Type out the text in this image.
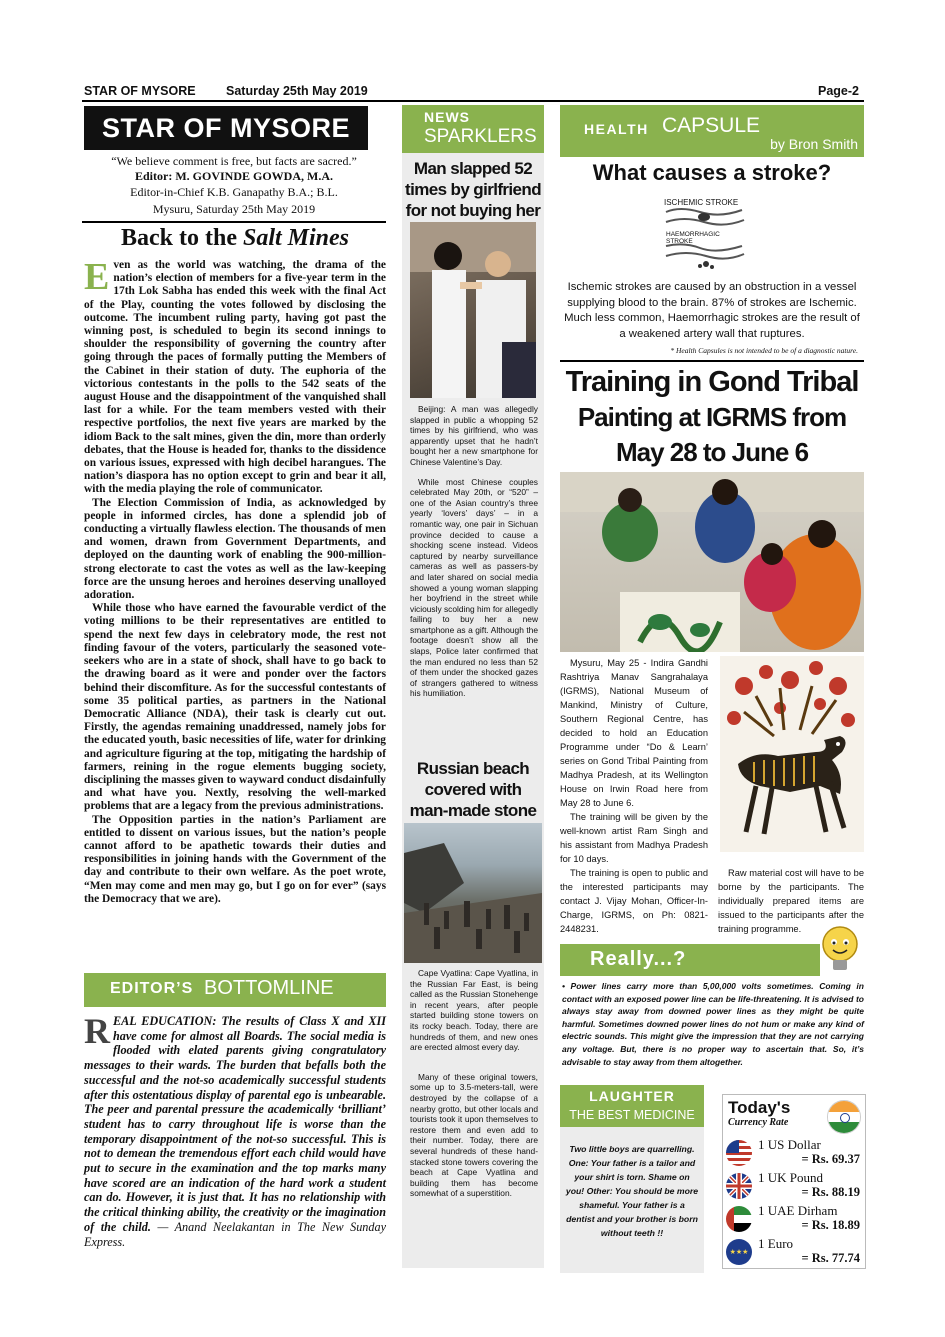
STAR OF MYSORE Saturday 25th May 2019	Page-2
STAR OF MYSORE
“We believe comment is free, but facts are sacred.”
Editor: M. GOVINDE GOWDA, M.A.
Editor-in-Chief K.B. Ganapathy B.A.; B.L.
Mysuru, Saturday 25th May 2019
Back to the Salt Mines

Even as the world was watching, the drama of the nation’s election of members for a five-year term in the 17th Lok Sabha has ended this week with the final Act of the Play, counting the votes followed by disclosing the outcome. The incumbent ruling party, having got past the winning post, is scheduled to begin its second innings to shoulder the responsibility of governing the country after going through the paces of formally putting the Members of the Cabinet in their station of duty. The euphoria of the victorious contestants in the polls to the 542 seats of the august House and the disappointment of the vanquished shall last for a while. For the team members vested with their respective portfolios, the next five years are marked by the idiom Back to the salt mines, given the din, more than orderly debates, that the House is headed for, thanks to the dissidence on various issues, expressed with high decibel harangues. The nation’s diaspora has no option except to grin and bear it all, with the media playing the role of communicator.

The Election Commission of India, as acknowledged by people in informed circles, has done a splendid job of conducting a virtually flawless election. The thousands of men and women, drawn from Government Departments, and deployed on the daunting work of enabling the 900-million-strong electorate to cast the votes as well as the law-keeping force are the unsung heroes and heroines deserving unalloyed adoration.

While those who have earned the favourable verdict of the voting millions to be their representatives are entitled to spend the next few days in celebratory mode, the rest not finding favour of the voters, particularly the seasoned vote-seekers who are in a state of shock, shall have to go back to the drawing board as it were and ponder over the factors behind their discomfiture. As for the successful contestants of some 35 political parties, as partners in the National Democratic Alliance (NDA), their task is clearly cut out. Firstly, the agendas remaining unaddressed, namely jobs for the educated youth, basic necessities of life, water for drinking and agriculture figuring at the top, mitigating the hardship of farmers, reining in the rogue elements bugging society, disciplining the masses given to wayward conduct disdainfully and what have you. Nextly, resolving the well-marked problems that are a legacy from the previous administrations.

The Opposition parties in the nation’s Parliament are entitled to dissent on various issues, but the nation’s people cannot afford to be apathetic towards their duties and responsibilities in joining hands with the Government of the day and contribute to their own welfare. As the poet wrote, “Men may come and men may go, but I go on for ever” (says the Democracy that we are).

EDITOR’S BOTTOMLINE
REAL EDUCATION: The results of Class X and XII have come for almost all Boards. The social media is flooded with elated parents giving congratulatory messages to their wards. The burden that befalls both the successful and the not-so academically successful students after this ostentatious display of parental ego is unbearable. The peer and parental pressure the academically ‘brilliant’ student has to carry throughout life is worse than the temporary disappointment of the not-so successful. This is not to demean the tremendous effort each child would have put to secure in the examination and the top marks many have scored are an indication of the hard work a student can do. However, it is just that. It has no relationship with the critical thinking ability, the creativity or the imagination of the child. — Anand Neelakantan in The New Sunday Express.
NEWS
SPARKLERS
Man slapped 52 times by girlfriend for not buying her

Beijing: A man was allegedly slapped in public a whopping 52 times by his girlfriend, who was apparently upset that he hadn’t bought her a new smartphone for Chinese Valentine’s Day.

While most Chinese couples celebrated May 20th, or “520” – one of the Asian country’s three yearly ‘lovers’ days’ – in a romantic way, one pair in Sichuan province decided to cause a shocking scene instead. Videos captured by nearby surveillance cameras as well as passers-by and later shared on social media showed a young woman slapping her boyfriend in the street while viciously scolding him for allegedly failing to buy her a new smartphone as a gift. Although the footage doesn’t show all the slaps, Police later confirmed that the man endured no less than 52 of them under the shocked gazes of strangers gathered to witness his humiliation.

Russian beach covered with man-made stone

Cape Vyatlina: Cape Vyatlina, in the Russian Far East, is being called as the Russian Stonehenge in recent years, after people started building stone towers on its rocky beach. Today, there are hundreds of them, and new ones are erected almost every day.

Many of these original towers, some up to 3.5-meters-tall, were destroyed by the collapse of a nearby grotto, but other locals and tourists took it upon themselves to restore them and even add to their number. Today, there are several hundreds of these hand-stacked stone towers covering the beach at Cape Vyatlina and building them has become somewhat of a superstition.

HEALTH CAPSULE
by Bron Smith
What causes a stroke?
ISCHEMIC STROKE
HAEMORRHAGIC STROKE
Ischemic strokes are caused by an obstruction in a vessel supplying blood to the brain. 87% of strokes are Ischemic. Much less common, Haemorrhagic strokes are the result of a weakened artery wall that ruptures.
* Health Capsules is not intended to be of a diagnostic nature.
Training in Gond Tribal
Painting at IGRMS from
May 28 to June 6

Mysuru, May 25 - Indira Gandhi Rashtriya Manav Sangrahalaya (IGRMS), National Museum of Mankind, Ministry of Culture, Southern Regional Centre, has decided to hold an Education Programme under “Do & Learn’ series on Gond Tribal Painting from Madhya Pradesh, at its Wellington House on Irwin Road here from May 28 to June 6.

The training will be given by the well-known artist Ram Singh and his assistant from Madhya Pradesh for 10 days.

The training is open to public and the interested participants may contact J. Vijay Mohan, Officer-In-Charge, IGRMS, on Ph: 0821-2448231.

Raw material cost will have to be borne by the participants. The individually prepared items are issued to the participants after the training programme.

Really...?
• Power lines carry more than 5,00,000 volts sometimes. Coming in contact with an exposed power line can be life-threatening. It is advised to always stay away from downed power lines as they might be quite harmful. Sometimes downed power lines do not hum or make any kind of electric sounds. This might give the impression that they are not carrying any voltage. But, there is no proper way to ascertain that. So, it’s advisable to stay away from them altogether.
LAUGHTER
THE BEST MEDICINE
Two little boys are quarrelling. One: Your father is a tailor and your shirt is torn. Shame on you! Other: You should be more shameful. Your father is a dentist and your brother is born without teeth !!
Today's
Currency Rate
1 US Dollar
= Rs. 69.37
1 UK Pound
= Rs. 88.19
1 UAE Dirham
= Rs. 18.89
★★★
1 Euro
= Rs. 77.74
